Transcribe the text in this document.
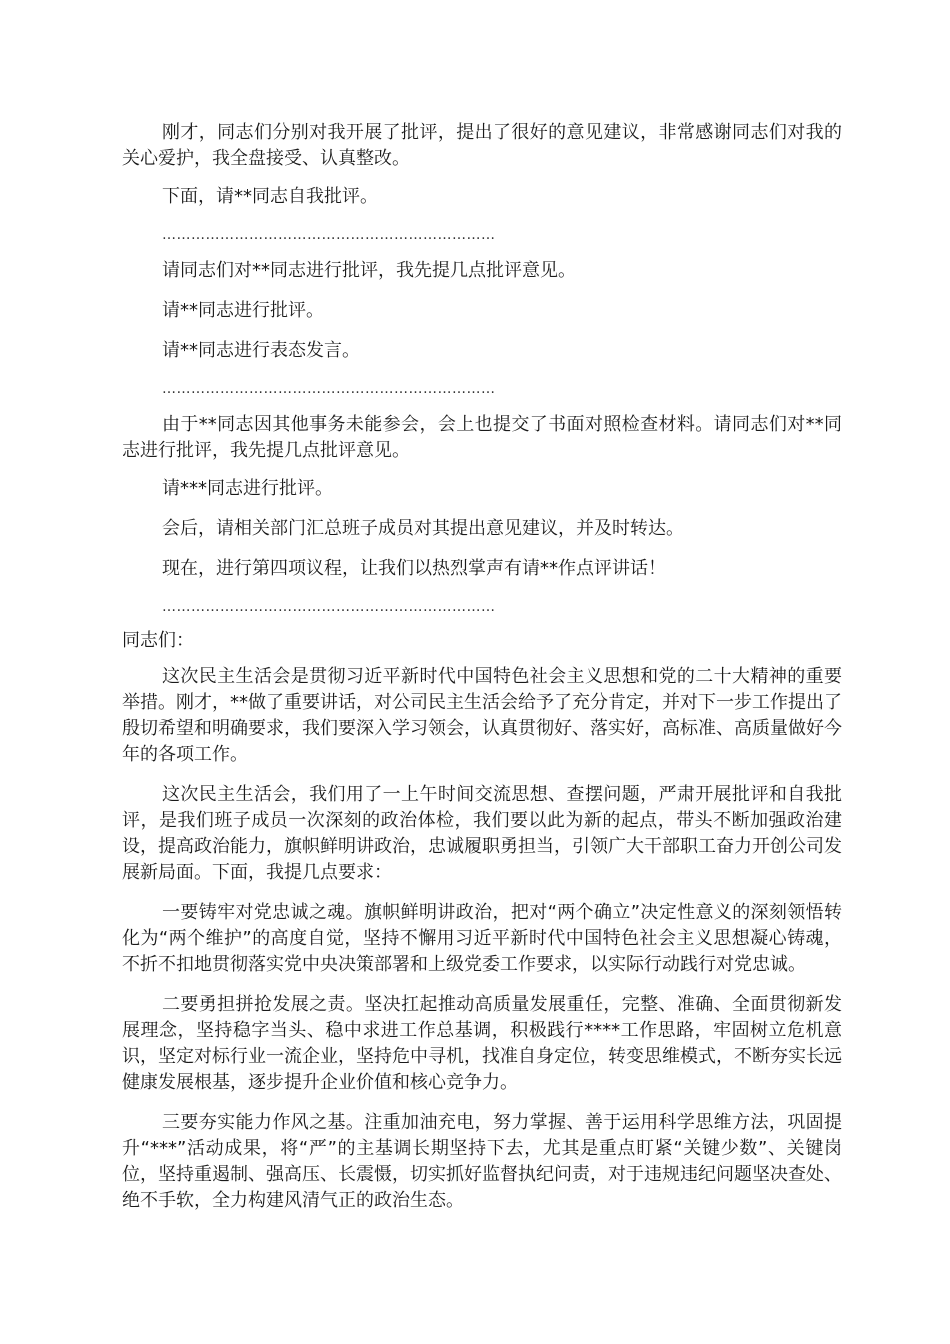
刚才，同志们分别对我开展了批评，提出了很好的意见建议，非常感谢同志们对我的关心爱护，我全盘接受、认真整改。

下面，请**同志自我批评。

……………………………………………………………

请同志们对**同志进行批评，我先提几点批评意见。

请**同志进行批评。

请**同志进行表态发言。

……………………………………………………………

由于**同志因其他事务未能参会，会上也提交了书面对照检查材料。请同志们对**同志进行批评，我先提几点批评意见。

请***同志进行批评。

会后，请相关部门汇总班子成员对其提出意见建议，并及时转达。

现在，进行第四项议程，让我们以热烈掌声有请**作点评讲话！

……………………………………………………………

同志们：

这次民主生活会是贯彻习近平新时代中国特色社会主义思想和党的二十大精神的重要举措。刚才，**做了重要讲话，对公司民主生活会给予了充分肯定，并对下一步工作提出了殷切希望和明确要求，我们要深入学习领会，认真贯彻好、落实好，高标准、高质量做好今年的各项工作。

这次民主生活会，我们用了一上午时间交流思想、查摆问题，严肃开展批评和自我批评，是我们班子成员一次深刻的政治体检，我们要以此为新的起点，带头不断加强政治建设，提高政治能力，旗帜鲜明讲政治，忠诚履职勇担当，引领广大干部职工奋力开创公司发展新局面。下面，我提几点要求：

一要铸牢对党忠诚之魂。旗帜鲜明讲政治，把对“两个确立”决定性意义的深刻领悟转化为“两个维护”的高度自觉，坚持不懈用习近平新时代中国特色社会主义思想凝心铸魂，不折不扣地贯彻落实党中央决策部署和上级党委工作要求，以实际行动践行对党忠诚。

二要勇担拼抢发展之责。坚决扛起推动高质量发展重任，完整、准确、全面贯彻新发展理念，坚持稳字当头、稳中求进工作总基调，积极践行****工作思路，牢固树立危机意识，坚定对标行业一流企业，坚持危中寻机，找准自身定位，转变思维模式，不断夯实长远健康发展根基，逐步提升企业价值和核心竞争力。

三要夯实能力作风之基。注重加油充电，努力掌握、善于运用科学思维方法，巩固提升“***”活动成果，将“严”的主基调长期坚持下去，尤其是重点盯紧“关键少数”、关键岗位，坚持重遏制、强高压、长震慑，切实抓好监督执纪问责，对于违规违纪问题坚决查处、绝不手软，全力构建风清气正的政治生态。
